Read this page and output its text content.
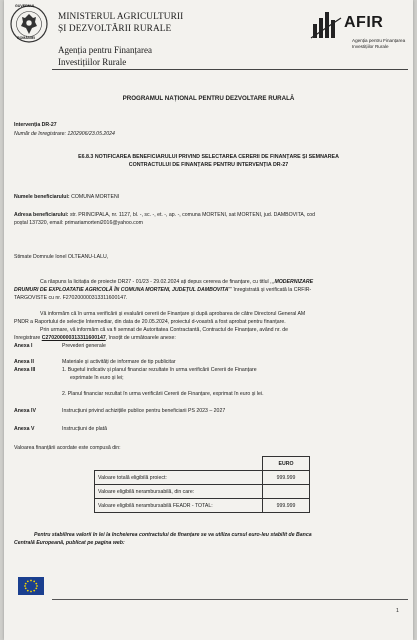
GUVERNUL
ROMÂNIEI
MINISTERUL AGRICULTURII
ȘI DEZVOLTĂRII RURALE
Agenția pentru Finanțarea
Investițiilor Rurale
AFIR
Agenția pentru Finanțarea
Investițiilor Rurale
PROGRAMUL NAȚIONAL PENTRU DEZVOLTARE RURALĂ
Intervenția DR-27
Număr de înregistrare: 1202906/23.05.2024
E6.8.3 NOTIFICAREA BENEFICIARULUI PRIVIND SELECTAREA CERERII DE FINANȚARE ȘI SEMNAREA
CONTRACTULUI DE FINANȚARE PENTRU INTERVENȚIA DR-27
Numele beneficiarului: COMUNA MORTENI
Adresa beneficiarului: str. PRINCIPALA, nr. 1127, bl. -, sc. -, et. -, ap. -, comuna MORTENI, sat MORTENI, jud. DAMBOVITA, cod
poștal 137320, email: primariamorteni2016@yahoo.com
Stimate Domnule Ionel OLTEANU-LALU,
Ca răspuns la licitația de proiecte DR27 - 01/23 - 29.02.2024 ați depus cererea de finanțare, cu titlul ,,,MODERNIZARE
DRUMURI DE EXPLOATATIE AGRICOLĂ ÎN COMUNA MORTENI, JUDEȚUL DAMBOVITA"" înregistrată și verificată la CRFIR-
TARGOVISTE cu nr. F270200000313311600147.
Vă informăm că în urma verificării și evaluării cererii de Finanțare și după aprobarea de către Directorul General AM
PNDR a Raportului de selecție Intermediar, din data de 20.05.2024, proiectul d-voastră a fost aprobat pentru finanțare.
Prin urmare, vă informăm că va fi semnat de Autoritatea Contractantă, Contractul de Finanțare, având nr. de
înregistrare C270200000313311600147, însoțit de următoarele anexe:
Anexa I	Prevederi generale
Anexa II	Materiale și activități de informare de tip publicitar
Anexa III	1. Bugetul indicativ și planul financiar rezultate în urma verificării Cererii de Finanțare
exprimate în euro și lei;
2. Planul financiar rezultat în urma verificării Cererii de Finanțare, exprimat în euro și lei.
Anexa IV	Instrucțiuni privind achizițiile publice pentru beneficiarii PS 2023 – 2027
Anexa V	Instrucțiuni de plată
Valoarea finanțării acordate este compusă din:
	EURO
Valoare totală eligibilă proiect:	999.999
Valoare eligibilă nerambursabilă, din care:	
Valoare eligibilă nerambursabilă FEADR - TOTAL:	999.999
Pentru stabilirea valorii în lei la încheierea contractului de finanțare se va utiliza cursul euro-leu stabilit de Banca
Centrală Europeană, publicat pe pagina web:
1
